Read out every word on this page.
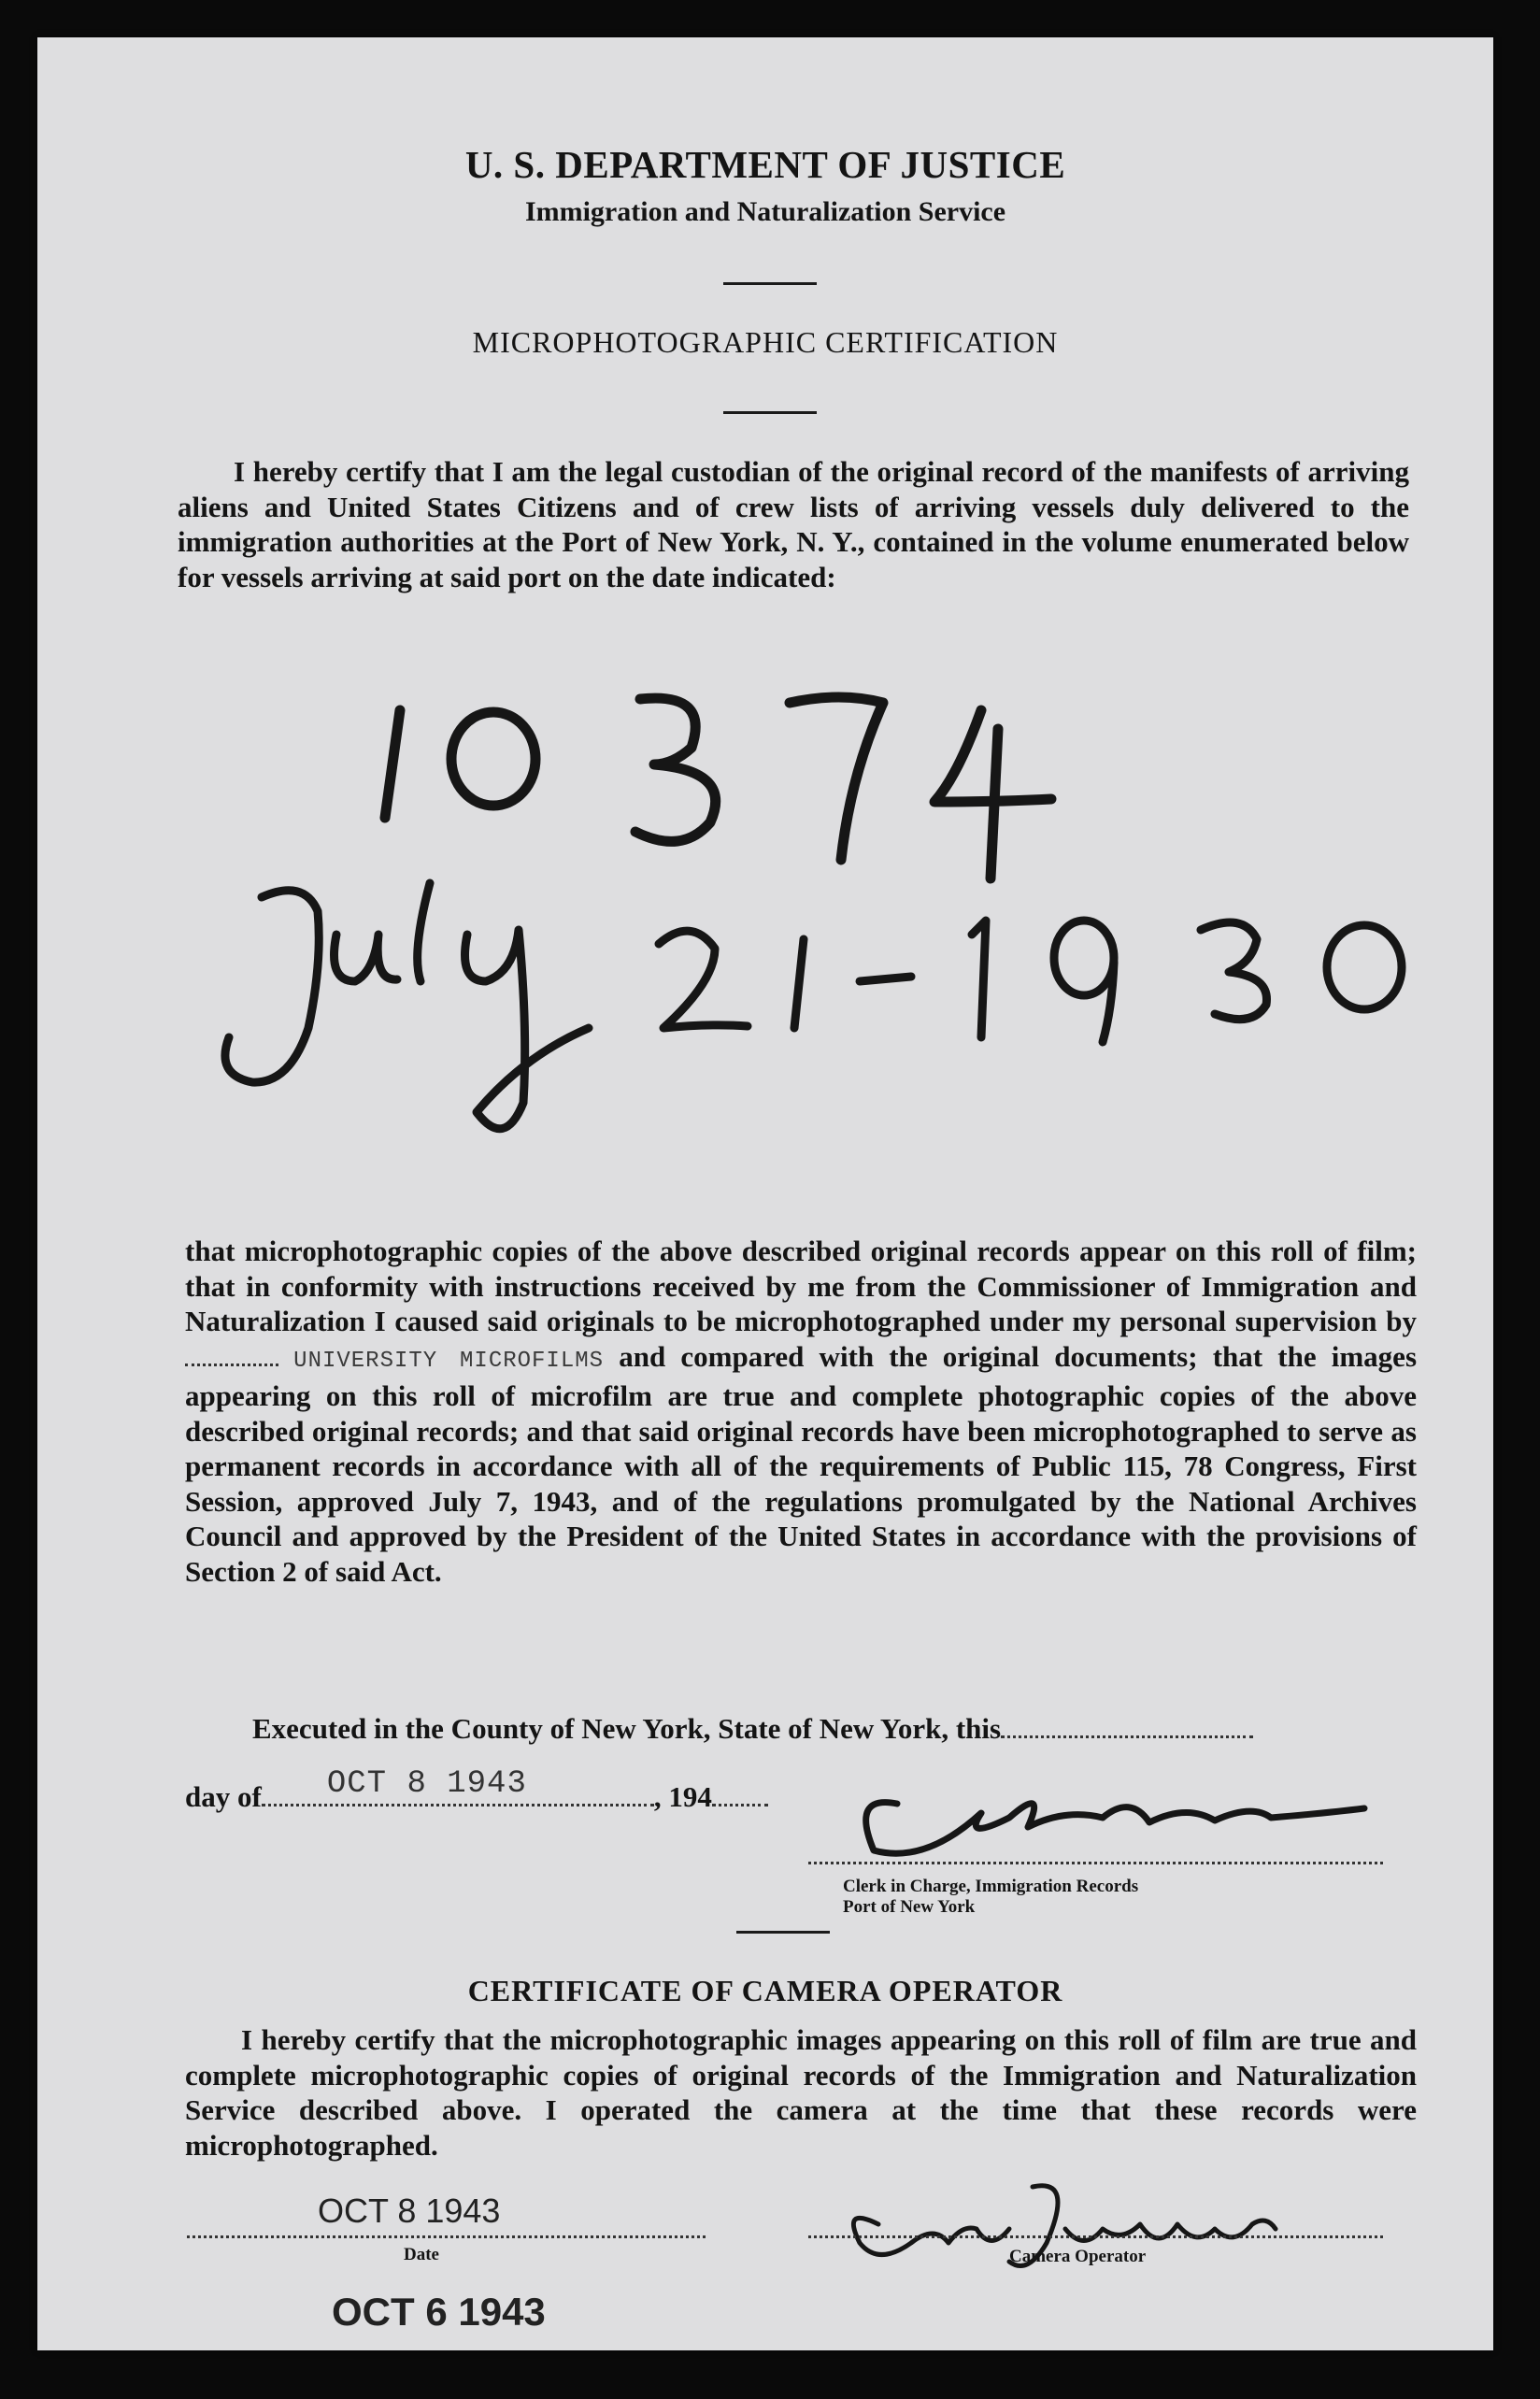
U. S. DEPARTMENT OF JUSTICE
Immigration and Naturalization Service
MICROPHOTOGRAPHIC CERTIFICATION
I hereby certify that I am the legal custodian of the original record of the manifests of arriving aliens and United States Citizens and of crew lists of arriving vessels duly delivered to the immigration authorities at the Port of New York, N. Y., contained in the volume enumerated below for vessels arriving at said port on the date indicated:
that microphotographic copies of the above described original records appear on this roll of film; that in conformity with instructions received by me from the Commissioner of Immigration and Naturalization I caused said originals to be microphotographed under my personal supervision by UNIVERSITY MICROFILMS and compared with the original documents; that the images appearing on this roll of microfilm are true and complete photographic copies of the above described original records; and that said original records have been microphotographed to serve as permanent records in accordance with all of the requirements of Public 115, 78 Congress, First Session, approved July 7, 1943, and of the regulations promulgated by the National Archives Council and approved by the President of the United States in accordance with the provisions of Section 2 of said Act.
Executed in the County of New York, State of New York, this
day of OCT 8 1943	, 194
Clerk in Charge, Immigration Records
Port of New York
CERTIFICATE OF CAMERA OPERATOR
I hereby certify that the microphotographic images appearing on this roll of film are true and complete microphotographic copies of original records of the Immigration and Naturalization Service described above. I operated the camera at the time that these records were microphotographed.
OCT 8 1943
Date	Camera Operator
OCT 6 1943
